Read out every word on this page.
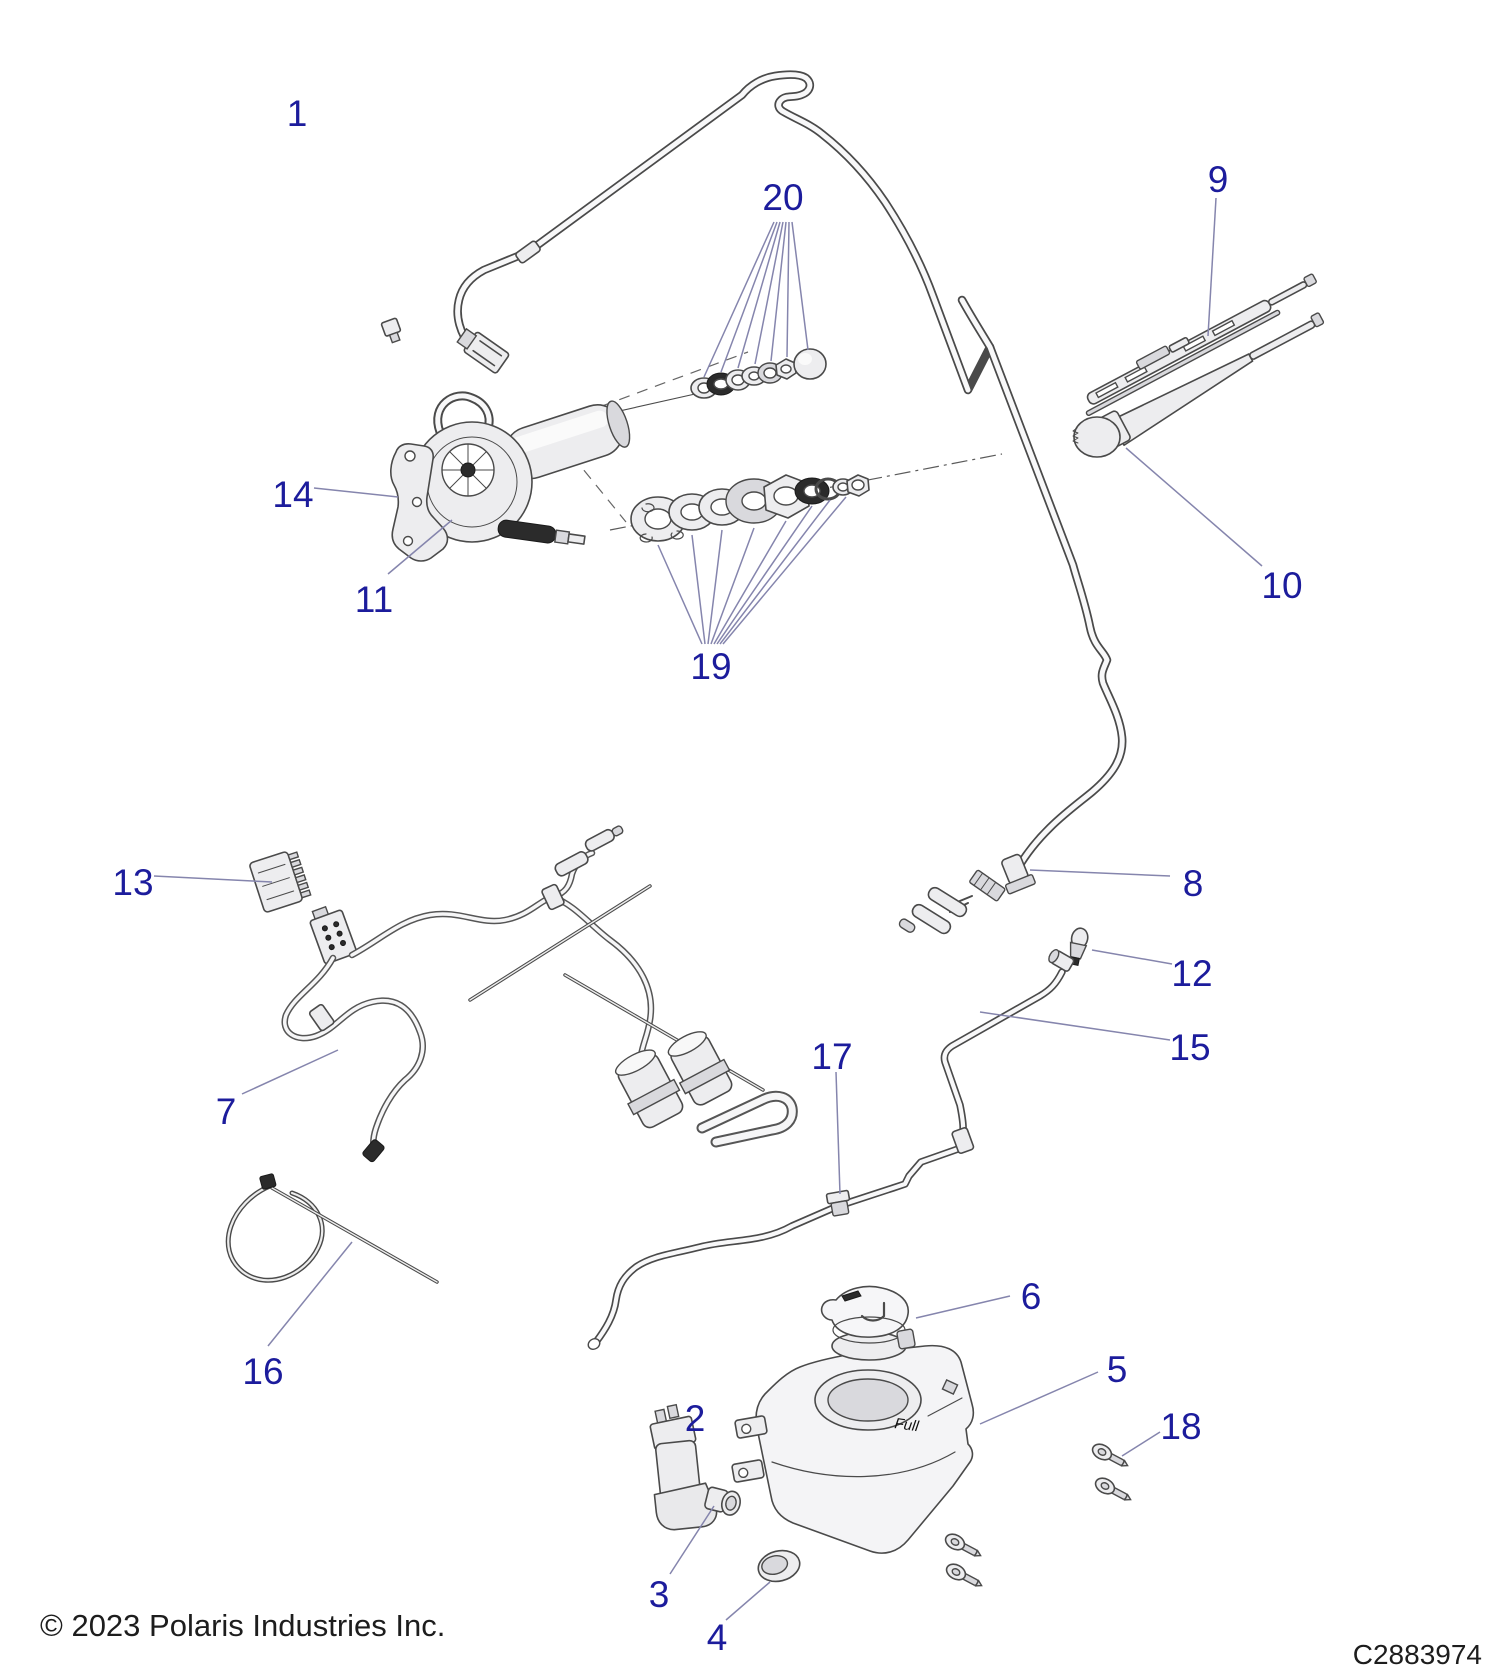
Full
1
2
3
4
5
6
7
8
9
10
11
12
13
14
15
16
17
18
19
20
© 2023 Polaris Industries Inc.
C2883974
